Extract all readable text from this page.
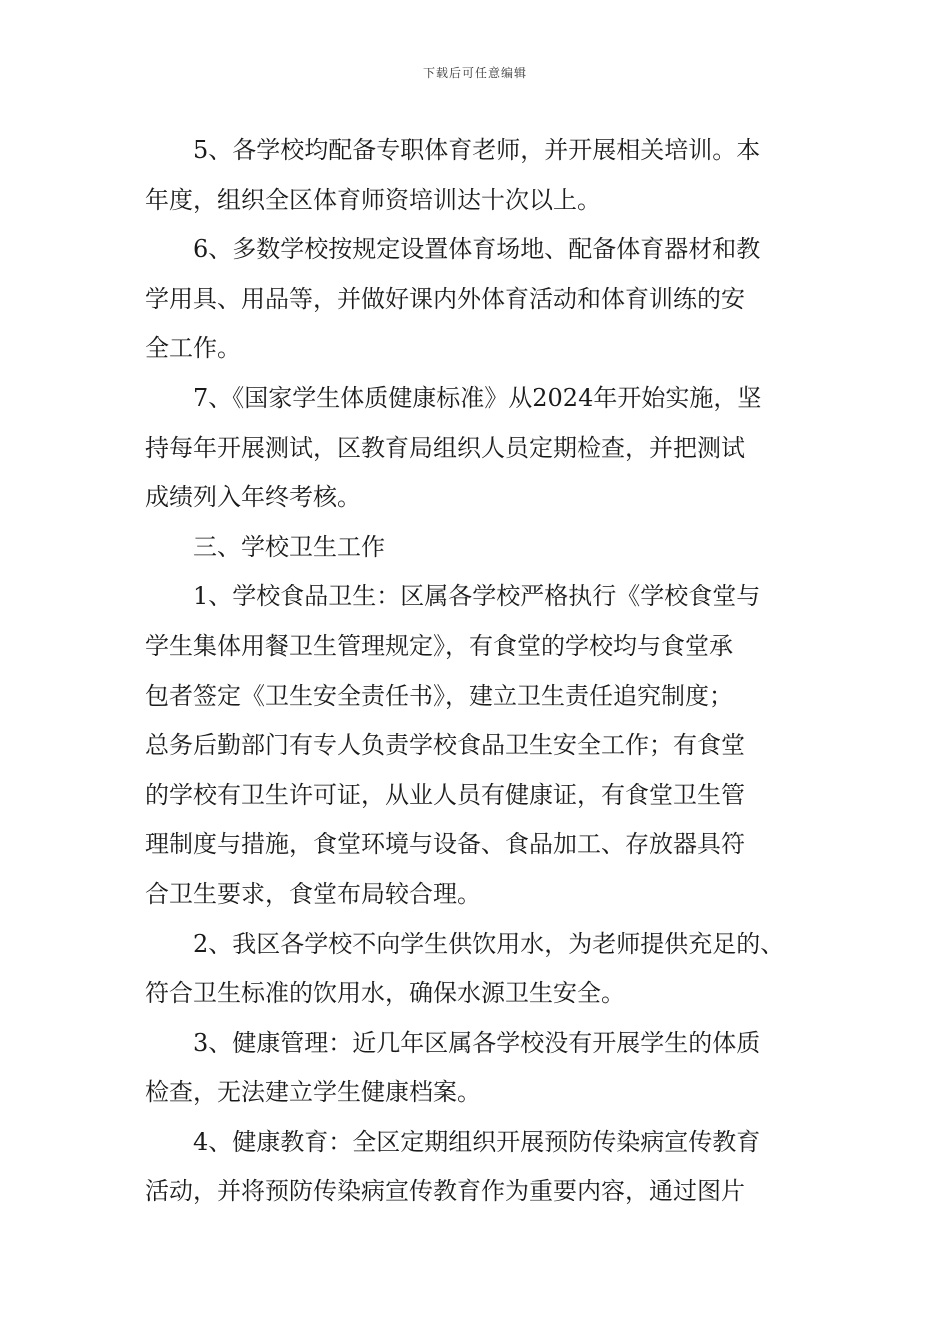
下载后可任意编辑
5、各学校均配备专职体育老师，并开展相关培训。本
年度，组织全区体育师资培训达十次以上。
6、多数学校按规定设置体育场地、配备体育器材和教
学用具、用品等，并做好课内外体育活动和体育训练的安
全工作。
7、《国家学生体质健康标准》从2024年开始实施，坚
持每年开展测试，区教育局组织人员定期检查，并把测试
成绩列入年终考核。
三、学校卫生工作
1、学校食品卫生：区属各学校严格执行《学校食堂与
学生集体用餐卫生管理规定》，有食堂的学校均与食堂承
包者签定《卫生安全责任书》，建立卫生责任追究制度；
总务后勤部门有专人负责学校食品卫生安全工作；有食堂
的学校有卫生许可证，从业人员有健康证，有食堂卫生管
理制度与措施，食堂环境与设备、食品加工、存放器具符
合卫生要求，食堂布局较合理。
2、我区各学校不向学生供饮用水，为老师提供充足的、
符合卫生标准的饮用水，确保水源卫生安全。
3、健康管理：近几年区属各学校没有开展学生的体质
检查，无法建立学生健康档案。
4、健康教育：全区定期组织开展预防传染病宣传教育
活动，并将预防传染病宣传教育作为重要内容，通过图片
